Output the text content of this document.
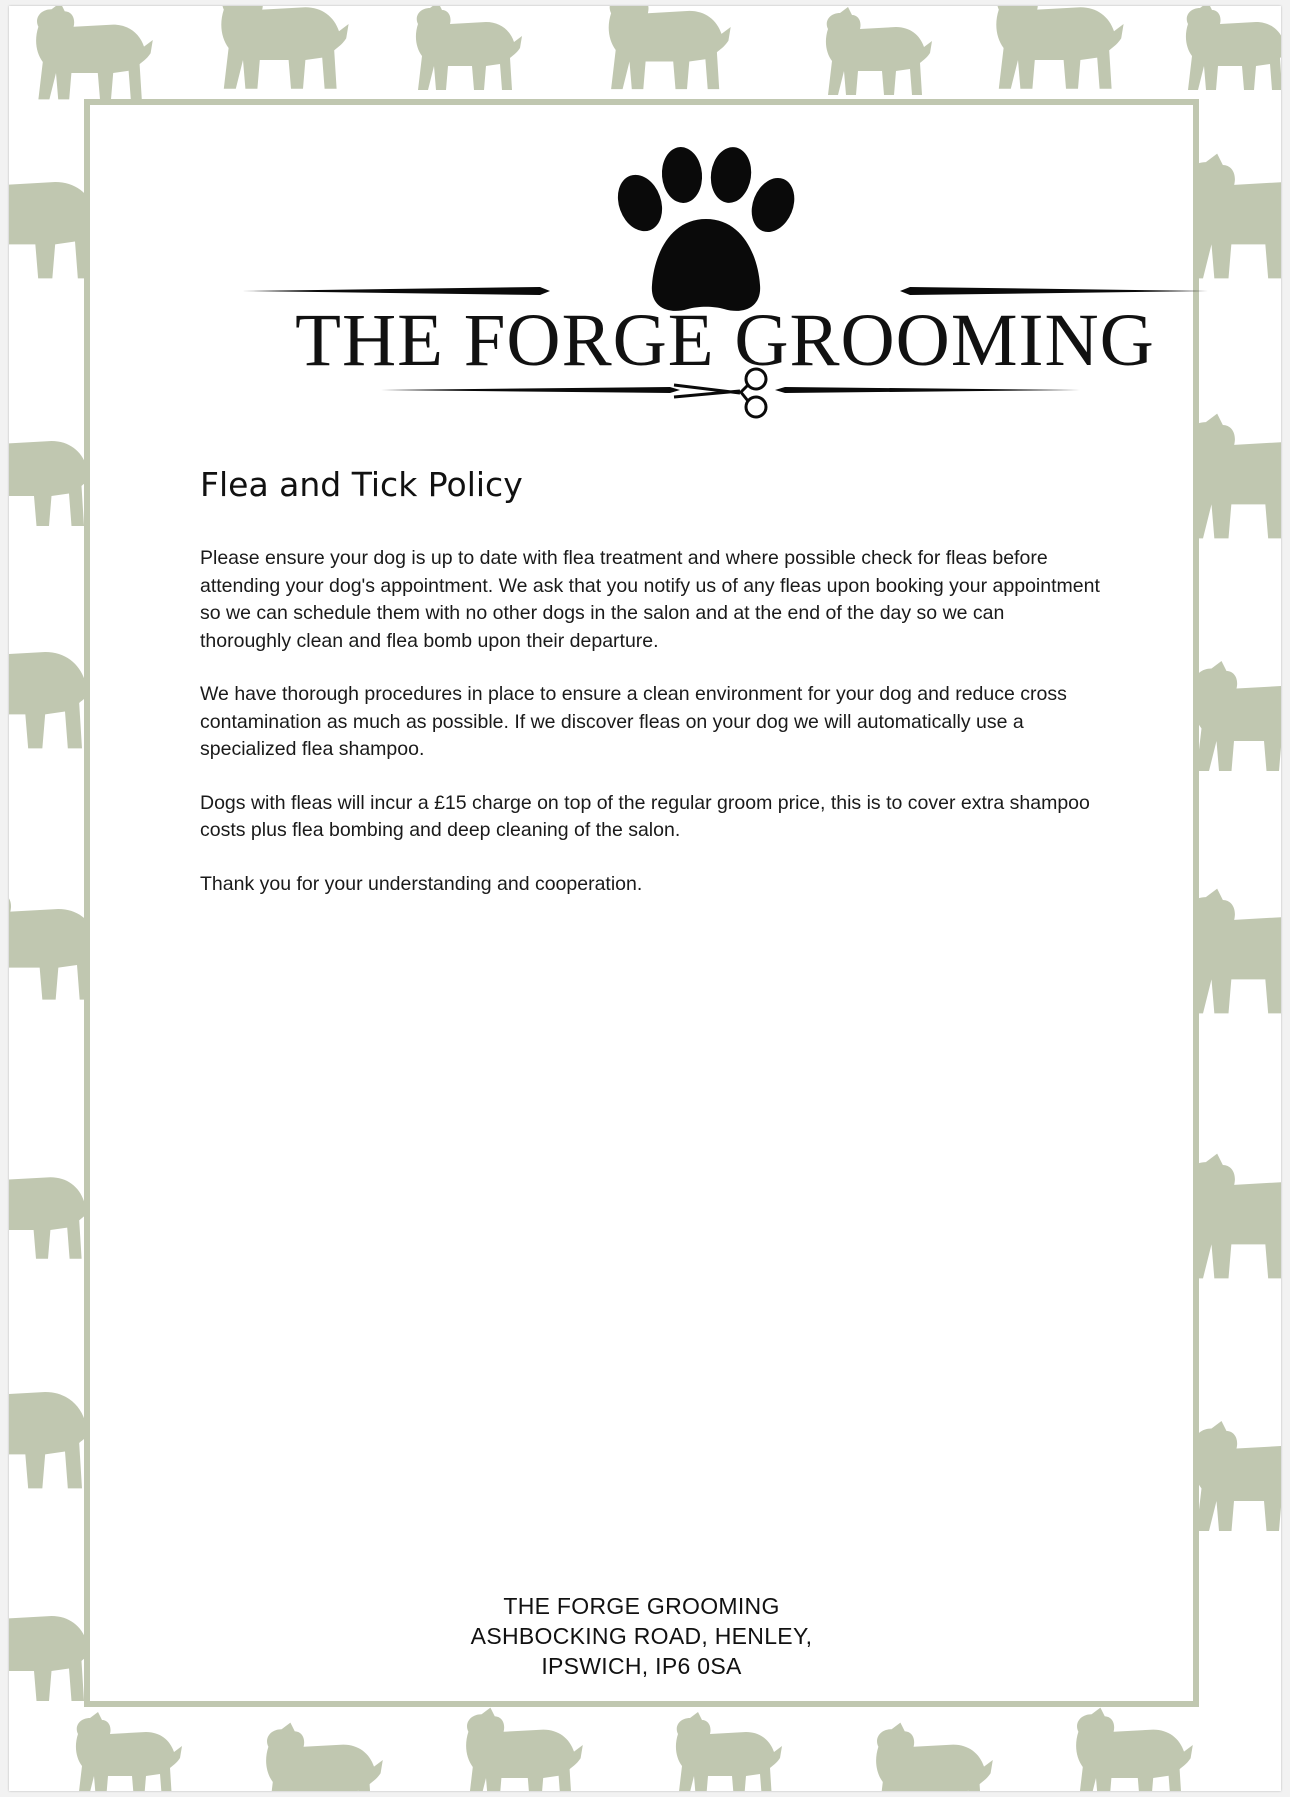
THE FORGE GROOMING
Flea and Tick Policy

Please ensure your dog is up to date with flea treatment and where possible check for fleas before attending your dog's appointment. We ask that you notify us of any fleas upon booking your appointment so we can schedule them with no other dogs in the salon and at the end of the day so we can thoroughly clean and flea bomb upon their departure.

We have thorough procedures in place to ensure a clean environment for your dog and reduce cross contamination as much as possible. If we discover fleas on your dog we will automatically use a specialized flea shampoo.

Dogs with fleas will incur a £15 charge on top of the regular groom price, this is to cover extra shampoo costs plus flea bombing and deep cleaning of the salon.

Thank you for your understanding and cooperation.

THE FORGE GROOMING
ASHBOCKING ROAD, HENLEY,
IPSWICH, IP6 0SA
